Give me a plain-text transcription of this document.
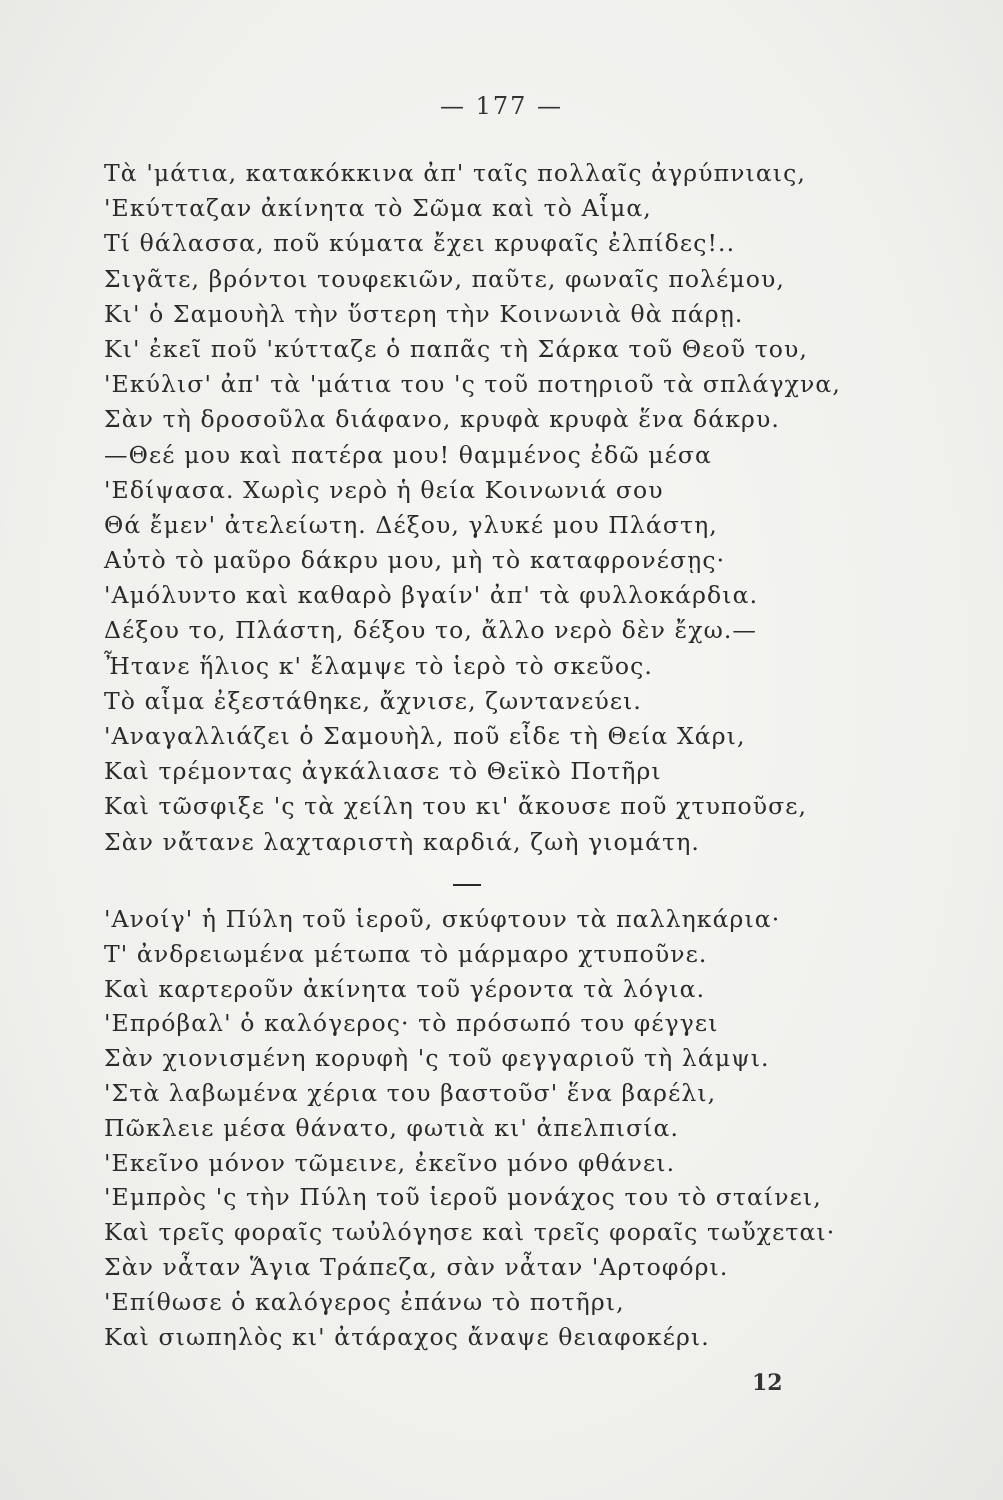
— 177 —
Τὰ 'μάτια, κατακόκκινα ἀπ' ταῖς πολλαῖς ἀγρύπνιαις,
'Εκύτταζαν ἀκίνητα τὸ Σῶμα καὶ τὸ Αἷμα,
Τί θάλασσα, ποῦ κύματα ἔχει κρυφαῖς ἐλπίδες!..
Σιγᾶτε, βρόντοι τουφεκιῶν, παῦτε, φωναῖς πολέμου,
Κι' ὁ Σαμουὴλ τὴν ὕστερη τὴν Κοινωνιὰ θὰ πάρῃ.
Κι' ἐκεῖ ποῦ 'κύτταζε ὁ παπᾶς τὴ Σάρκα τοῦ Θεοῦ του,
'Εκύλισ' ἀπ' τὰ 'μάτια του 'ς τοῦ ποτηριοῦ τὰ σπλάγχνα,
Σὰν τὴ δροσοῦλα διάφανο, κρυφὰ κρυφὰ ἕνα δάκρυ.
—Θεέ μου καὶ πατέρα μου! θαμμένος ἐδῶ μέσα
'Εδίψασα. Χωρὶς νερὸ ἡ θεία Κοινωνιά σου
Θά ἔμεν' ἀτελείωτη. Δέξου, γλυκέ μου Πλάστη,
Αὐτὸ τὸ μαῦρο δάκρυ μου, μὴ τὸ καταφρονέσῃς·
'Αμόλυντο καὶ καθαρὸ βγαίν' ἀπ' τὰ φυλλοκάρδια.
Δέξου το, Πλάστη, δέξου το, ἄλλο νερὸ δὲν ἔχω.—
Ἦτανε ἥλιος κ' ἔλαμψε τὸ ἱερὸ τὸ σκεῦος.
Τὸ αἷμα ἐξεστάθηκε, ἄχνισε, ζωντανεύει.
'Αναγαλλιάζει ὁ Σαμουὴλ, ποῦ εἶδε τὴ Θεία Χάρι,
Καὶ τρέμοντας ἀγκάλιασε τὸ Θεϊκὸ Ποτῆρι
Καὶ τῶσφιξε 'ς τὰ χείλη του κι' ἄκουσε ποῦ χτυποῦσε,
Σὰν νἄτανε λαχταριστὴ καρδιά, ζωὴ γιομάτη.
'Ανοίγ' ἡ Πύλη τοῦ ἱεροῦ, σκύφτουν τὰ παλληκάρια·
Τ' ἀνδρειωμένα μέτωπα τὸ μάρμαρο χτυποῦνε.
Καὶ καρτεροῦν ἀκίνητα τοῦ γέροντα τὰ λόγια.
'Επρόβαλ' ὁ καλόγερος· τὸ πρόσωπό του φέγγει
Σὰν χιονισμένη κορυφὴ 'ς τοῦ φεγγαριοῦ τὴ λάμψι.
'Στὰ λαβωμένα χέρια του βαστοῦσ' ἕνα βαρέλι,
Πῶκλειε μέσα θάνατο, φωτιὰ κι' ἀπελπισία.
'Εκεῖνο μόνον τῶμεινε, ἐκεῖνο μόνο φθάνει.
'Εμπρὸς 'ς τὴν Πύλη τοῦ ἱεροῦ μονάχος του τὸ σταίνει,
Καὶ τρεῖς φοραῖς τωὐλόγησε καὶ τρεῖς φοραῖς τωὔχεται·
Σὰν νἆταν Ἅγια Τράπεζα, σὰν νἆταν 'Αρτοφόρι.
'Επίθωσε ὁ καλόγερος ἐπάνω τὸ ποτῆρι,
Καὶ σιωπηλὸς κι' ἀτάραχος ἄναψε θειαφοκέρι.
12
